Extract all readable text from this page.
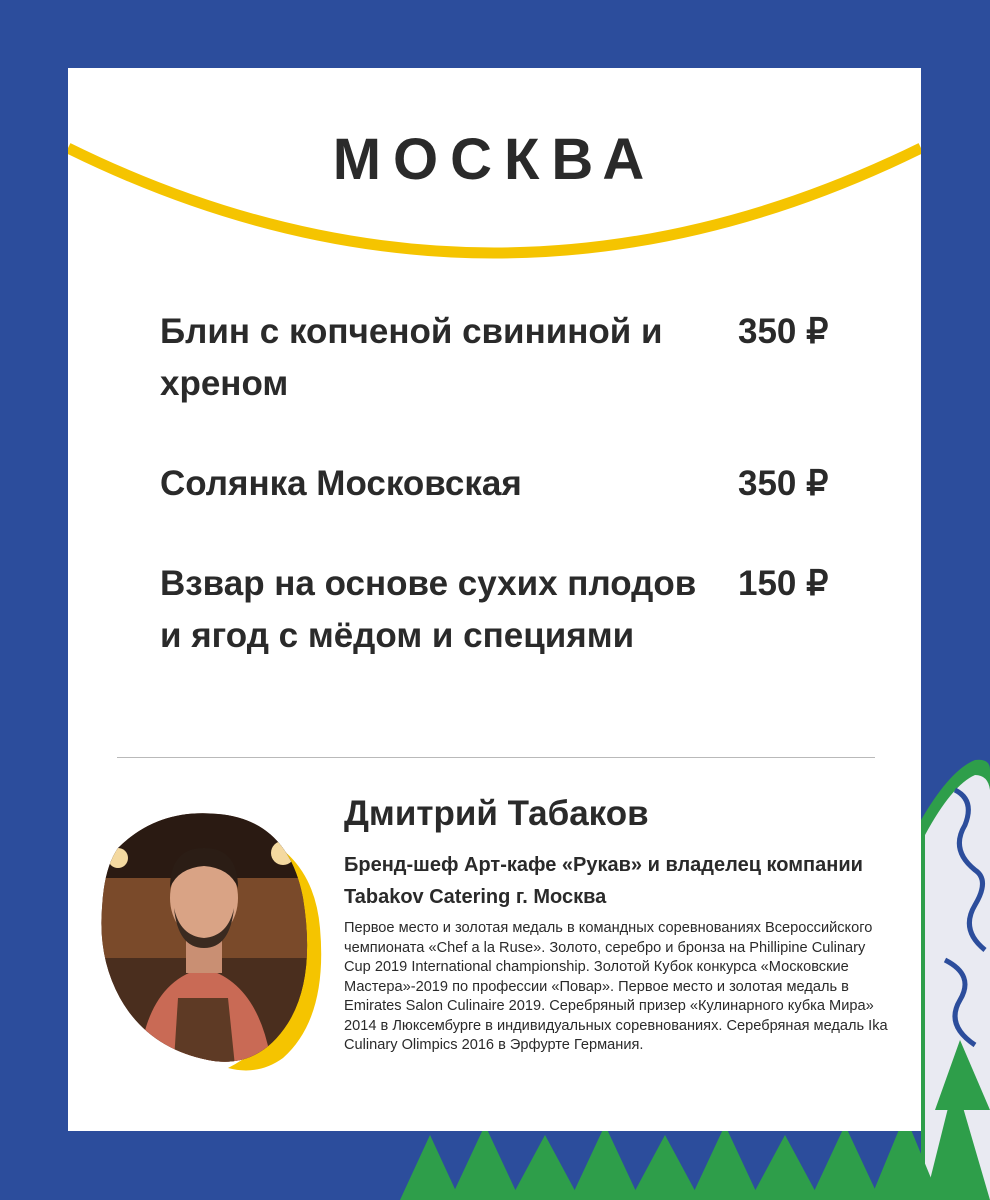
МОСКВА
Блин с копченой свининой и хреном
350 ₽
Солянка Московская	350 ₽
Взвар на основе сухих плодов и ягод с мёдом и специями
150 ₽
Дмитрий Табаков
Бренд-шеф Арт-кафе «Рукав» и владелец компании Tabakov Catering г. Москва
Первое место и золотая медаль в командных соревнованиях Всероссийского чемпионата «Chef a la Ruse». Золото, серебро и бронза на Phillipine Culinary Cup 2019 International championship. Золотой Кубок конкурса «Московские Мастера»-2019 по профессии «Повар». Первое место и золотая медаль в Emirates Salon Culinaire 2019. Серебряный призер «Кулинарного кубка Мира» 2014 в Люксембурге в индивидуальных соревнованиях. Серебряная медаль Ika Culinary Olimpics 2016 в Эрфурте Германия.
